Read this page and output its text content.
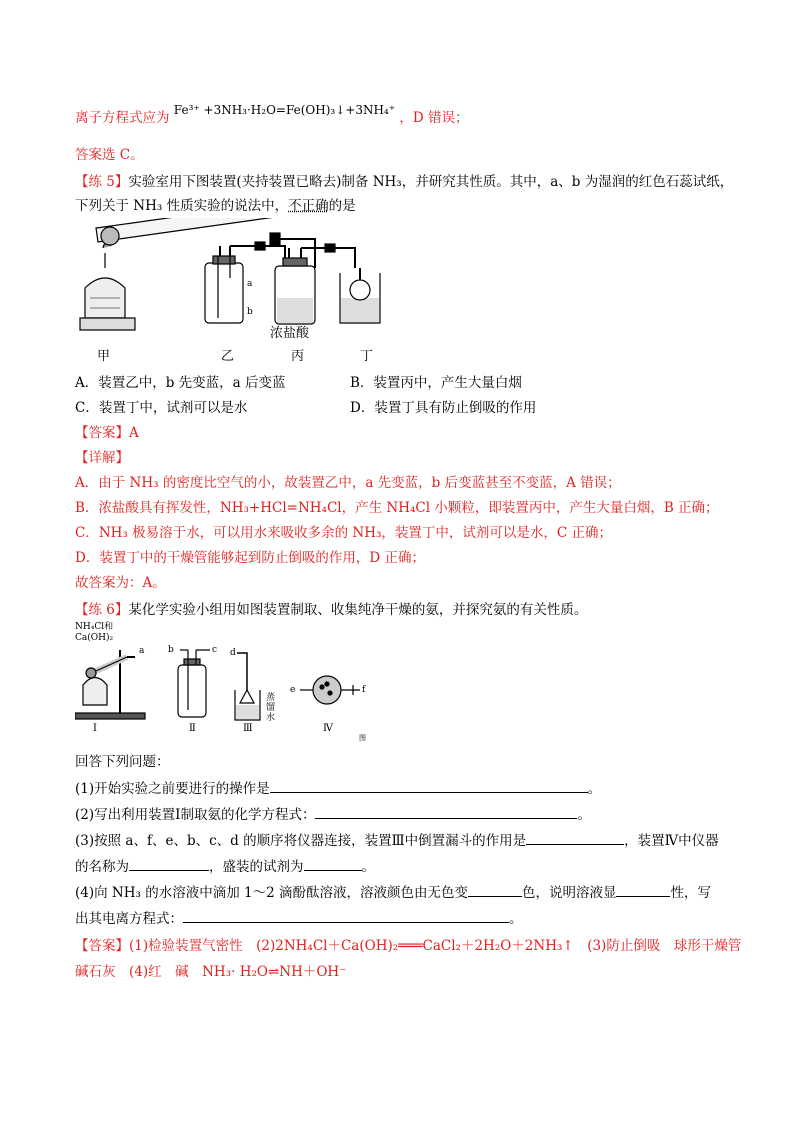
离子方程式应为 Fe³⁺ +3NH₃·H₂O=Fe(OH)₃↓+3NH₄⁺ ，D 错误；
答案选 C。
【练 5】实验室用下图装置(夹持装置已略去)制备 NH₃，并研究其性质。其中，a、b 为湿润的红色石蕊试纸，
下列关于 NH₃ 性质实验的说法中，不正确的是
a
b
浓盐酸
甲	乙	丙	丁
A．装置乙中，b 先变蓝，a 后变蓝	B．装置丙中，产生大量白烟
C．装置丁中，试剂可以是水	D．装置丁具有防止倒吸的作用
【答案】A
【详解】
A．由于 NH₃ 的密度比空气的小，故装置乙中，a 先变蓝，b 后变蓝甚至不变蓝，A 错误；
B．浓盐酸具有挥发性，NH₃+HCl=NH₄Cl，产生 NH₄Cl 小颗粒，即装置丙中，产生大量白烟，B 正确；
C．NH₃ 极易溶于水，可以用水来吸收多余的 NH₃，装置丁中，试剂可以是水，C 正确；
D．装置丁中的干燥管能够起到防止倒吸的作用，D 正确；
故答案为：A。
【练 6】某化学实验小组用如图装置制取、收集纯净干燥的氨，并探究氨的有关性质。
NH₄Cl和
Ca(OH)₂
a	b	c d
e	f
蒸馏水
Ⅰ	Ⅱ	Ⅲ	Ⅳ
图
回答下列问题：
(1)开始实验之前要进行的操作是	。
(2)写出利用装置Ⅰ制取氨的化学方程式：	。
(3)按照 a、f、e、b、c、d 的顺序将仪器连接，装置Ⅲ中倒置漏斗的作用是	，装置Ⅳ中仪器
的名称为	，盛装的试剂为	。
(4)向 NH₃ 的水溶液中滴加 1～2 滴酚酞溶液，溶液颜色由无色变	色，说明溶液显	性，写
出其电离方程式：	。
【答案】(1)检验装置气密性　(2)2NH₄Cl＋Ca(OH)₂═══CaCl₂＋2H₂O＋2NH₃↑　(3)防止倒吸　球形干燥管
碱石灰　(4)红　碱　NH₃· H₂O⇌NH＋OH⁻
